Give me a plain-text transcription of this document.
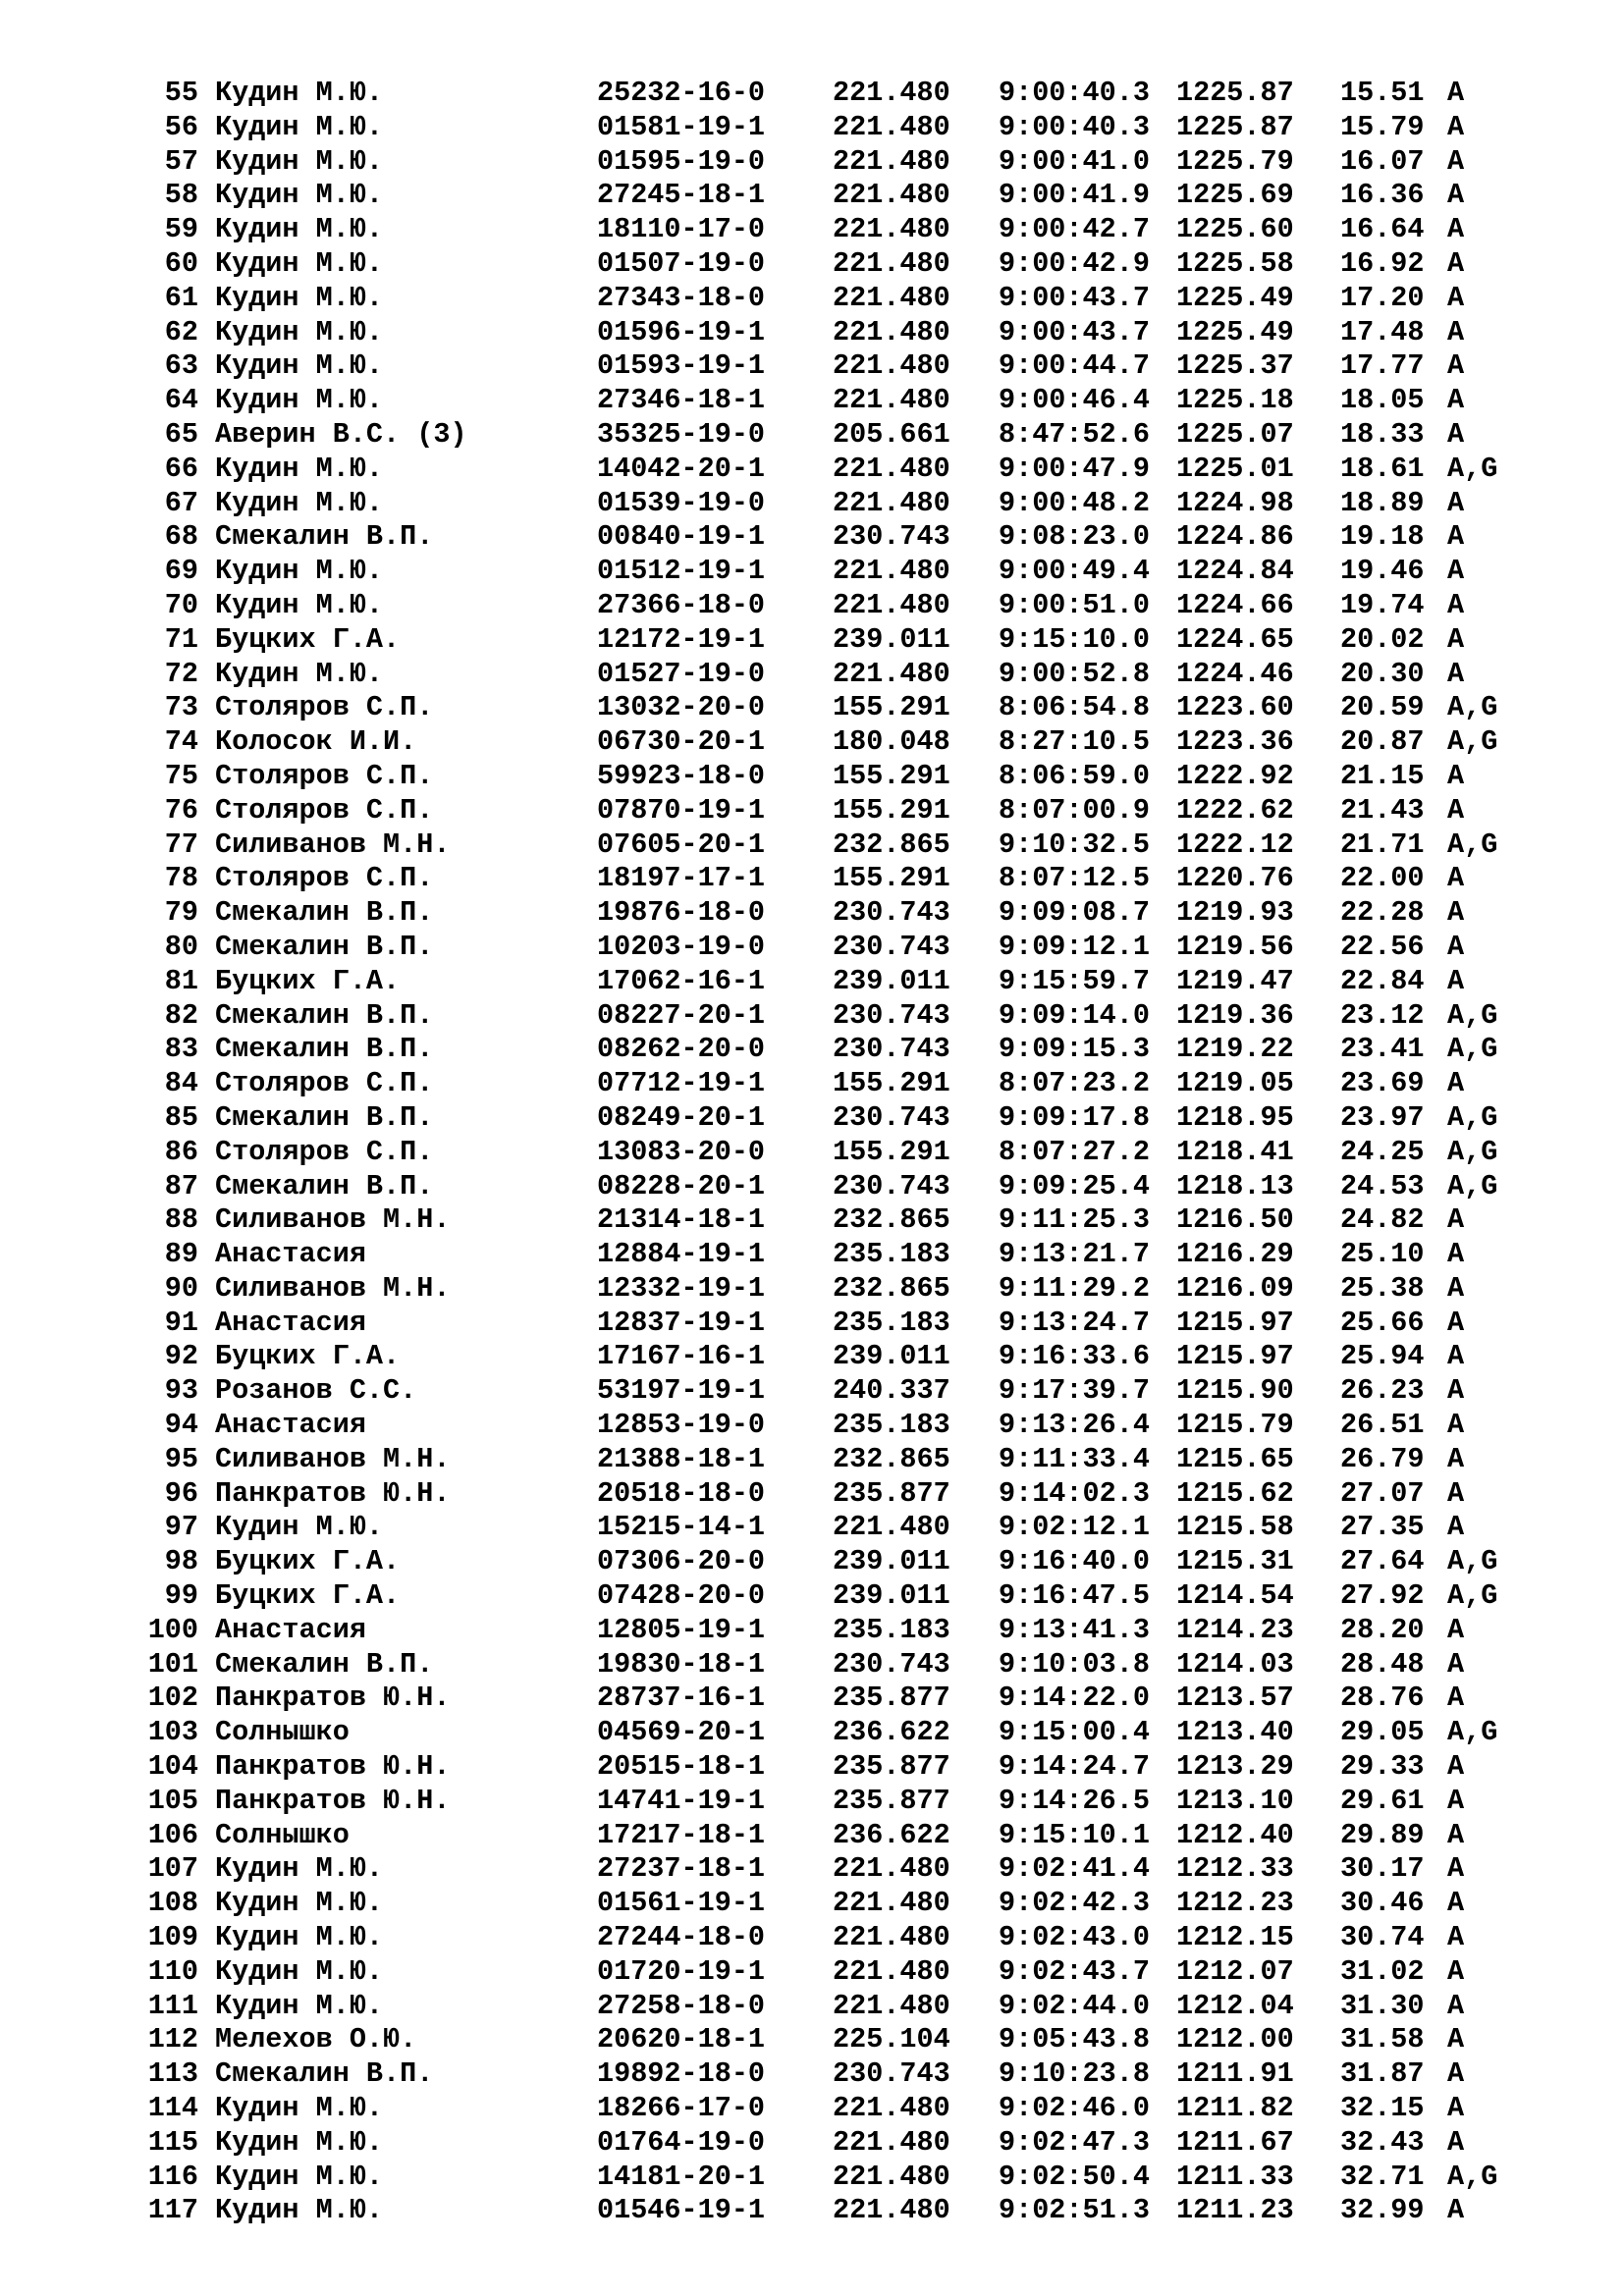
55 Кудин М.Ю.	25232-16-0 221.480 9:00:40.3 1225.87 15.51 A
56 Кудин М.Ю.	01581-19-1 221.480 9:00:40.3 1225.87 15.79 A
57 Кудин М.Ю.	01595-19-0 221.480 9:00:41.0 1225.79 16.07 A
58 Кудин М.Ю.	27245-18-1 221.480 9:00:41.9 1225.69 16.36 A
59 Кудин М.Ю.	18110-17-0 221.480 9:00:42.7 1225.60 16.64 A
60 Кудин М.Ю.	01507-19-0 221.480 9:00:42.9 1225.58 16.92 A
61 Кудин М.Ю.	27343-18-0 221.480 9:00:43.7 1225.49 17.20 A
62 Кудин М.Ю.	01596-19-1 221.480 9:00:43.7 1225.49 17.48 A
63 Кудин М.Ю.	01593-19-1 221.480 9:00:44.7 1225.37 17.77 A
64 Кудин М.Ю.	27346-18-1 221.480 9:00:46.4 1225.18 18.05 A
65 Аверин В.С. (3)	35325-19-0 205.661 8:47:52.6 1225.07 18.33 A
66 Кудин М.Ю.	14042-20-1 221.480 9:00:47.9 1225.01 18.61 A,G
67 Кудин М.Ю.	01539-19-0 221.480 9:00:48.2 1224.98 18.89 A
68 Смекалин В.П.	00840-19-1 230.743 9:08:23.0 1224.86 19.18 A
69 Кудин М.Ю.	01512-19-1 221.480 9:00:49.4 1224.84 19.46 A
70 Кудин М.Ю.	27366-18-0 221.480 9:00:51.0 1224.66 19.74 A
71 Буцких Г.А.	12172-19-1 239.011 9:15:10.0 1224.65 20.02 A
72 Кудин М.Ю.	01527-19-0 221.480 9:00:52.8 1224.46 20.30 A
73 Столяров С.П.	13032-20-0 155.291 8:06:54.8 1223.60 20.59 A,G
74 Колосок И.И.	06730-20-1 180.048 8:27:10.5 1223.36 20.87 A,G
75 Столяров С.П.	59923-18-0 155.291 8:06:59.0 1222.92 21.15 A
76 Столяров С.П.	07870-19-1 155.291 8:07:00.9 1222.62 21.43 A
77 Силиванов М.Н.	07605-20-1 232.865 9:10:32.5 1222.12 21.71 A,G
78 Столяров С.П.	18197-17-1 155.291 8:07:12.5 1220.76 22.00 A
79 Смекалин В.П.	19876-18-0 230.743 9:09:08.7 1219.93 22.28 A
80 Смекалин В.П.	10203-19-0 230.743 9:09:12.1 1219.56 22.56 A
81 Буцких Г.А.	17062-16-1 239.011 9:15:59.7 1219.47 22.84 A
82 Смекалин В.П.	08227-20-1 230.743 9:09:14.0 1219.36 23.12 A,G
83 Смекалин В.П.	08262-20-0 230.743 9:09:15.3 1219.22 23.41 A,G
84 Столяров С.П.	07712-19-1 155.291 8:07:23.2 1219.05 23.69 A
85 Смекалин В.П.	08249-20-1 230.743 9:09:17.8 1218.95 23.97 A,G
86 Столяров С.П.	13083-20-0 155.291 8:07:27.2 1218.41 24.25 A,G
87 Смекалин В.П.	08228-20-1 230.743 9:09:25.4 1218.13 24.53 A,G
88 Силиванов М.Н.	21314-18-1 232.865 9:11:25.3 1216.50 24.82 A
89 Анастасия	12884-19-1 235.183 9:13:21.7 1216.29 25.10 A
90 Силиванов М.Н.	12332-19-1 232.865 9:11:29.2 1216.09 25.38 A
91 Анастасия	12837-19-1 235.183 9:13:24.7 1215.97 25.66 A
92 Буцких Г.А.	17167-16-1 239.011 9:16:33.6 1215.97 25.94 A
93 Розанов С.С.	53197-19-1 240.337 9:17:39.7 1215.90 26.23 A
94 Анастасия	12853-19-0 235.183 9:13:26.4 1215.79 26.51 A
95 Силиванов М.Н.	21388-18-1 232.865 9:11:33.4 1215.65 26.79 A
96 Панкратов Ю.Н.	20518-18-0 235.877 9:14:02.3 1215.62 27.07 A
97 Кудин М.Ю.	15215-14-1 221.480 9:02:12.1 1215.58 27.35 A
98 Буцких Г.А.	07306-20-0 239.011 9:16:40.0 1215.31 27.64 A,G
99 Буцких Г.А.	07428-20-0 239.011 9:16:47.5 1214.54 27.92 A,G
100 Анастасия	12805-19-1 235.183 9:13:41.3 1214.23 28.20 A
101 Смекалин В.П.	19830-18-1 230.743 9:10:03.8 1214.03 28.48 A
102 Панкратов Ю.Н.	28737-16-1 235.877 9:14:22.0 1213.57 28.76 A
103 Солнышко	04569-20-1 236.622 9:15:00.4 1213.40 29.05 A,G
104 Панкратов Ю.Н.	20515-18-1 235.877 9:14:24.7 1213.29 29.33 A
105 Панкратов Ю.Н.	14741-19-1 235.877 9:14:26.5 1213.10 29.61 A
106 Солнышко	17217-18-1 236.622 9:15:10.1 1212.40 29.89 A
107 Кудин М.Ю.	27237-18-1 221.480 9:02:41.4 1212.33 30.17 A
108 Кудин М.Ю.	01561-19-1 221.480 9:02:42.3 1212.23 30.46 A
109 Кудин М.Ю.	27244-18-0 221.480 9:02:43.0 1212.15 30.74 A
110 Кудин М.Ю.	01720-19-1 221.480 9:02:43.7 1212.07 31.02 A
111 Кудин М.Ю.	27258-18-0 221.480 9:02:44.0 1212.04 31.30 A
112 Мелехов О.Ю.	20620-18-1 225.104 9:05:43.8 1212.00 31.58 A
113 Смекалин В.П.	19892-18-0 230.743 9:10:23.8 1211.91 31.87 A
114 Кудин М.Ю.	18266-17-0 221.480 9:02:46.0 1211.82 32.15 A
115 Кудин М.Ю.	01764-19-0 221.480 9:02:47.3 1211.67 32.43 A
116 Кудин М.Ю.	14181-20-1 221.480 9:02:50.4 1211.33 32.71 A,G
117 Кудин М.Ю.	01546-19-1 221.480 9:02:51.3 1211.23 32.99 A
